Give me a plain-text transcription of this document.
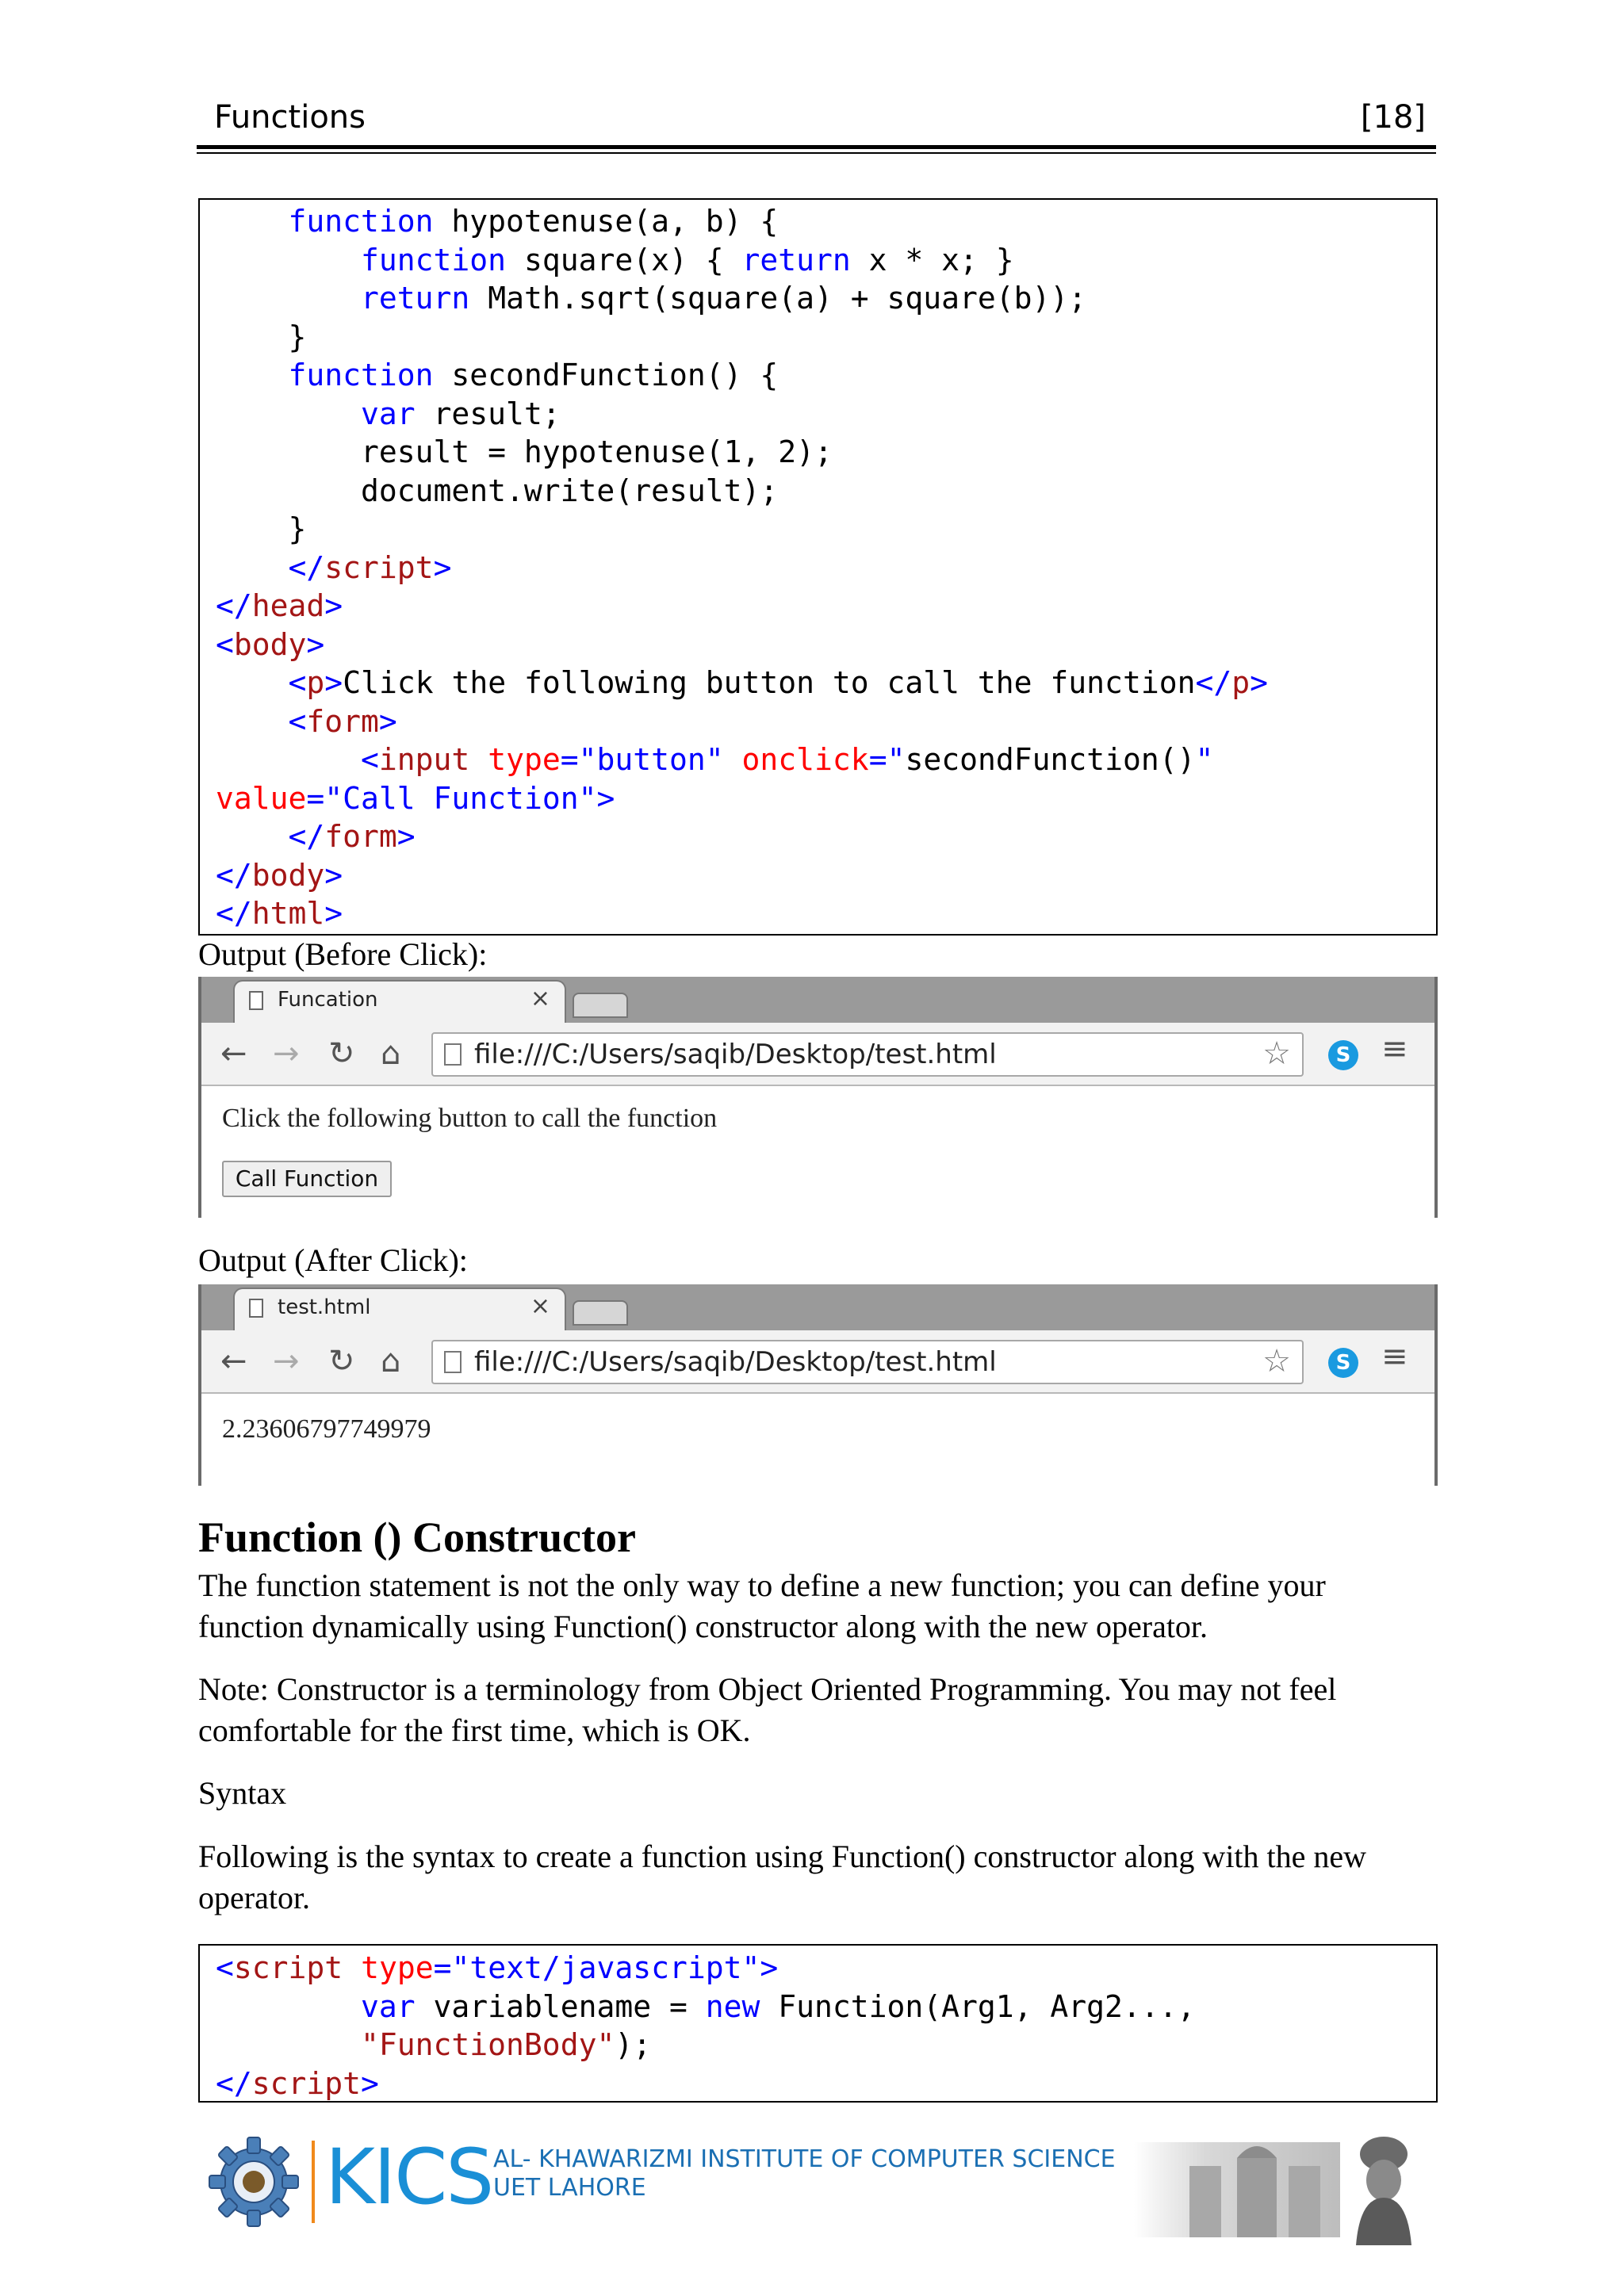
Functions	[18]
function hypotenuse(a, b) {
function square(x) { return x * x; }
return Math.sqrt(square(a) + square(b));
}
function secondFunction() {
var result;
result = hypotenuse(1, 2);
document.write(result);
}
</script>
</head>
<body>
<p>Click the following button to call the function</p>
<form>
<input type="button" onclick="secondFunction()"
value="Call Function">
</form>
</body>
</html>
Output (Before Click):
Funcation	×
← → ↻ ⌂	file:///C:/Users/saqib/Desktop/test.html	☆	S ≡
Click the following button to call the function
Call Function
Output (After Click):
test.html	×
← → ↻ ⌂	file:///C:/Users/saqib/Desktop/test.html	☆	S ≡
2.23606797749979
Function () Constructor
The function statement is not the only way to define a new function; you can define your function dynamically using Function() constructor along with the new operator.
Note: Constructor is a terminology from Object Oriented Programming. You may not feel comfortable for the first time, which is OK.
Syntax
Following is the syntax to create a function using Function() constructor along with the new operator.
<script type="text/javascript">
var variablename = new Function(Arg1, Arg2...,
"FunctionBody");
</script>
KICS AL- KHAWARIZMI INSTITUTE OF COMPUTER SCIENCE
UET LAHORE
